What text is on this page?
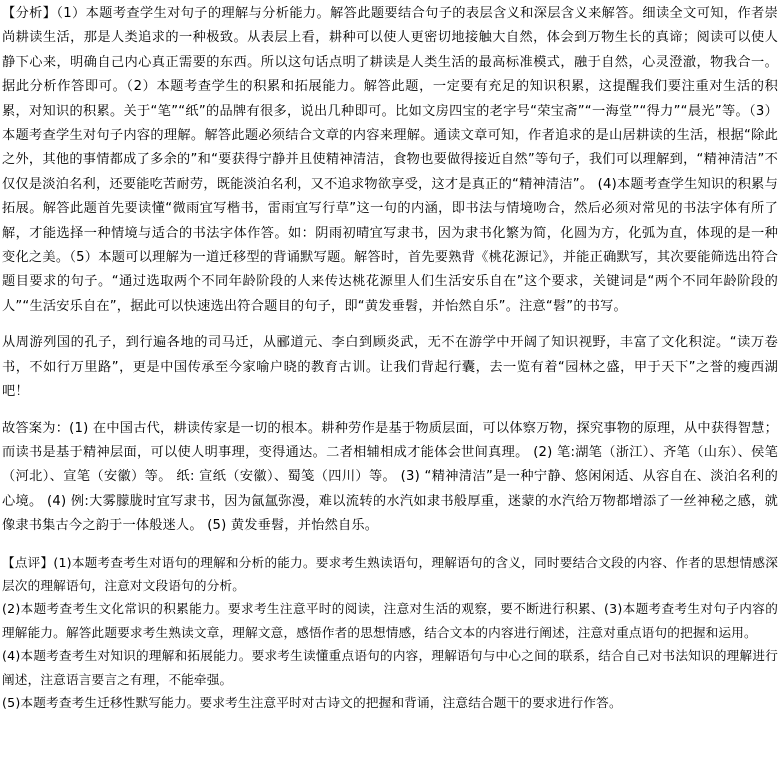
【分析】（1）本题考查学生对句子的理解与分析能力。解答此题要结合句子的表层含义和深层含义来解答。细读全文可知，作者崇尚耕读生活，那是人类追求的一种极致。从表层上看，耕种可以使人更密切地接触大自然，体会到万物生长的真谛；阅读可以使人静下心来，明确自己内心真正需要的东西。所以这句话点明了耕读是人类生活的最高标准模式，融于自然，心灵澄澈，物我合一。据此分析作答即可。（2）本题考查学生的积累和拓展能力。解答此题，一定要有充足的知识积累，这提醒我们要注重对生活的积累，对知识的积累。关于“笔”“纸”的品牌有很多，说出几种即可。比如文房四宝的老字号“荣宝斋”“一海堂”“得力”“晨光”等。（3）本题考查学生对句子内容的理解。解答此题必须结合文章的内容来理解。通读文章可知，作者追求的是山居耕读的生活，根据“除此之外，其他的事情都成了多余的”和“要获得宁静并且使精神清洁，食物也要做得接近自然”等句子，我们可以理解到，“精神清洁”不仅仅是淡泊名利，还要能吃苦耐劳，既能淡泊名利，又不追求物欲享受，这才是真正的“精神清洁”。 (4)本题考查学生知识的积累与拓展。解答此题首先要读懂“微雨宜写楷书，雷雨宜写行草”这一句的内涵，即书法与情境吻合，然后必须对常见的书法字体有所了解，才能选择一种情境与适合的书法字体作答。如：阴雨初晴宜写隶书，因为隶书化繁为简，化圆为方，化弧为直，体现的是一种变化之美。（5）本题可以理解为一道迁移型的背诵默写题。解答时，首先要熟背《桃花源记》，并能正确默写，其次要能筛选出符合题目要求的句子。“通过选取两个不同年龄阶段的人来传达桃花源里人们生活安乐自在”这个要求，关键词是“两个不同年龄阶段的人”“生活安乐自在”，据此可以快速选出符合题目的句子，即“黄发垂髫，并怡然自乐”。注意“髫”的书写。

从周游列国的孔子，到行遍各地的司马迁，从郦道元、李白到顾炎武，无不在游学中开阔了知识视野，丰富了文化积淀。“读万卷书，不如行万里路”，更是中国传承至今家喻户晓的教育古训。让我们背起行囊，去一览有着“园林之盛，甲于天下”之誉的瘦西湖吧！

故答案为：(1) 在中国古代，耕读传家是一切的根本。耕种劳作是基于物质层面，可以体察万物，探究事物的原理，从中获得智慧；而读书是基于精神层面，可以使人明事理，变得通达。二者相辅相成才能体会世间真理。 (2) 笔:湖笔（浙江）、齐笔（山东）、侯笔（河北）、宣笔（安徽）等。 纸: 宣纸（安徽）、蜀笺（四川）等。 (3) “精神清洁”是一种宁静、悠闲闲适、从容自在、淡泊名利的心境。 (4) 例:大雾朦胧时宜写隶书，因为氤氲弥漫，难以流转的水汽如隶书般厚重，迷蒙的水汽给万物都增添了一丝神秘之感，就像隶书集古今之韵于一体般迷人。 (5) 黄发垂髫，并怡然自乐。

【点评】(1)本题考查考生对语句的理解和分析的能力。要求考生熟读语句，理解语句的含义，同时要结合文段的内容、作者的思想情感深层次的理解语句，注意对文段语句的分析。

(2)本题考查考生文化常识的积累能力。要求考生注意平时的阅读，注意对生活的观察，要不断进行积累、(3)本题考查考生对句子内容的理解能力。解答此题要求考生熟读文章，理解文意，感悟作者的思想情感，结合文本的内容进行阐述，注意对重点语句的把握和运用。

(4)本题考查考生对知识的理解和拓展能力。要求考生读懂重点语句的内容，理解语句与中心之间的联系，结合自己对书法知识的理解进行阐述，注意语言要言之有理，不能牵强。

(5)本题考查考生迁移性默写能力。要求考生注意平时对古诗文的把握和背诵，注意结合题干的要求进行作答。
